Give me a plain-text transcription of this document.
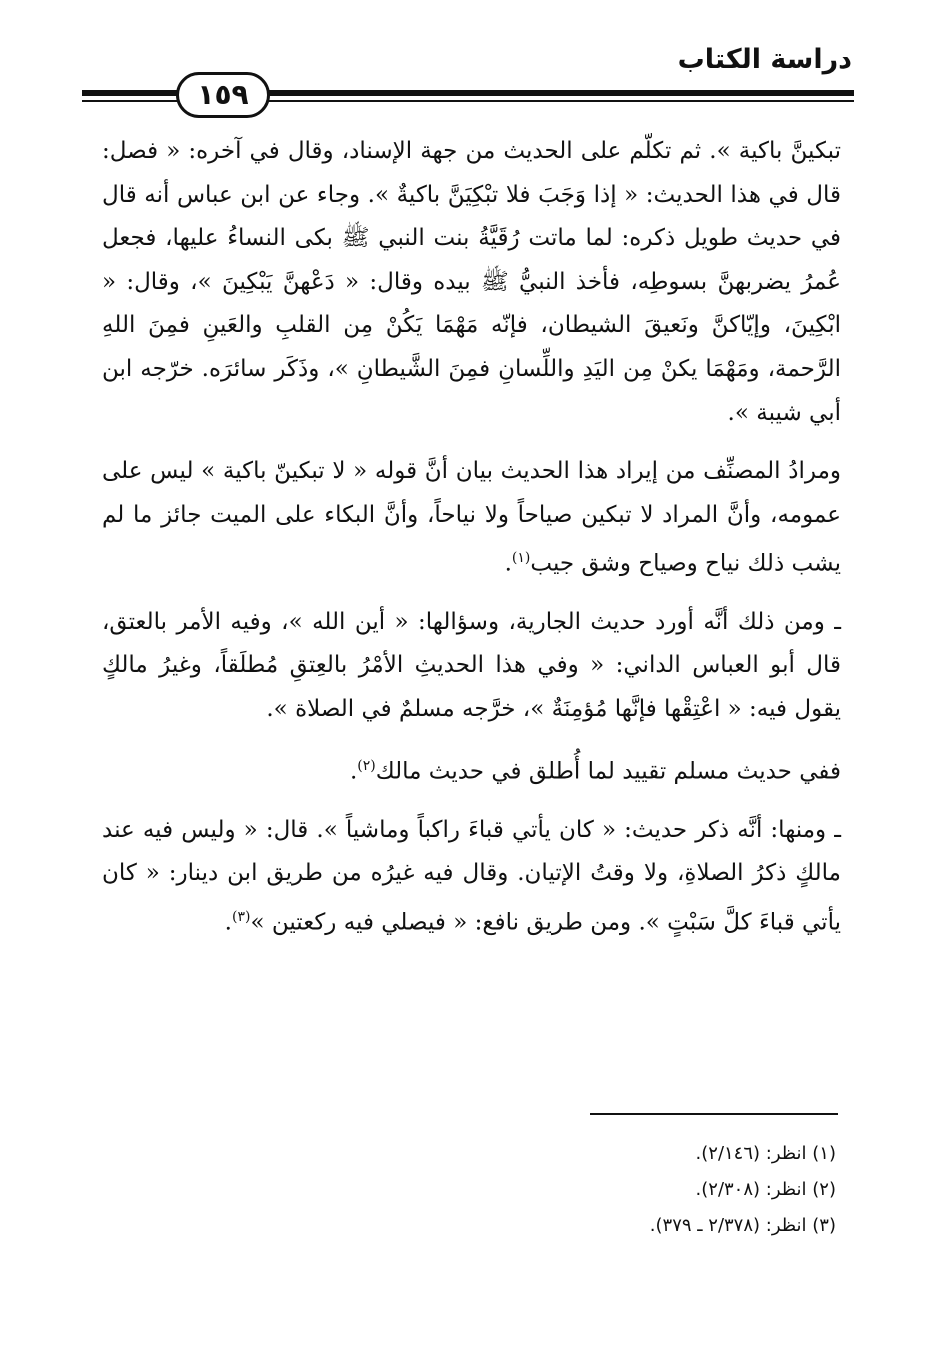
دراسة الكتاب
١٥٩

تبكينَّ باكية ». ثم تكلّم على الحديث من جهة الإسناد، وقال في آخره: « فصل: قال في هذا الحديث: « إذا وَجَبَ فلا تبْكِيَنَّ باكيةٌ ». وجاء عن ابن عباس أنه قال في حديث طويل ذكره: لما ماتت رُقَيَّةُ بنت النبي ﷺ بكى النساءُ عليها، فجعل عُمرُ يضربهنَّ بسوطِه، فأخذ النبيُّ ﷺ بيده وقال: « دَعْهنَّ يَبْكِينَ »، وقال: « ابْكِينَ، وإيّاكنَّ ونَعيقَ الشيطان، فإنّه مَهْمَا يَكُنْ مِن القلبِ والعَينِ فمِنَ اللهِ الرَّحمة، ومَهْمَا يكنْ مِن اليَدِ واللِّسانِ فمِنَ الشَّيطانِ »، وذَكَر سائرَه. خرّجه ابن أبي شيبة ».

ومرادُ المصنِّف من إيراد هذا الحديث بيان أنَّ قوله « لا تبكينّ باكية » ليس على عمومه، وأنَّ المراد لا تبكين صياحاً ولا نياحاً، وأنَّ البكاء على الميت جائز ما لم يشب ذلك نياح وصياح وشق جيب$^{(١)}$.

ـ ومن ذلك أنَّه أورد حديث الجارية، وسؤالها: « أين الله »، وفيه الأمر بالعتق، قال أبو العباس الداني: « وفي هذا الحديثِ الأمْرُ بالعِتقِ مُطلَقاً، وغيرُ مالكٍ يقول فيه: « اعْتِقْها فإنَّها مُؤمِنَةٌ »، خرَّجه مسلمٌ في الصلاة ».

ففي حديث مسلم تقييد لما أُطلق في حديث مالك$^{(٢)}$.

ـ ومنها: أنَّه ذكر حديث: « كان يأتي قباءَ راكباً وماشياً ». قال: « وليس فيه عند مالكٍ ذكرُ الصلاةِ، ولا وقتُ الإتيان. وقال فيه غيرُه من طريق ابن دينار: « كان يأتي قباءَ كلَّ سَبْتٍ ». ومن طريق نافع: « فيصلي فيه ركعتين »$^{(٣)}$.

(١) انظر: (٢/١٤٦).
(٢) انظر: (٢/٣٠٨).
(٣) انظر: (٢/٣٧٨ ـ ٣٧٩).
